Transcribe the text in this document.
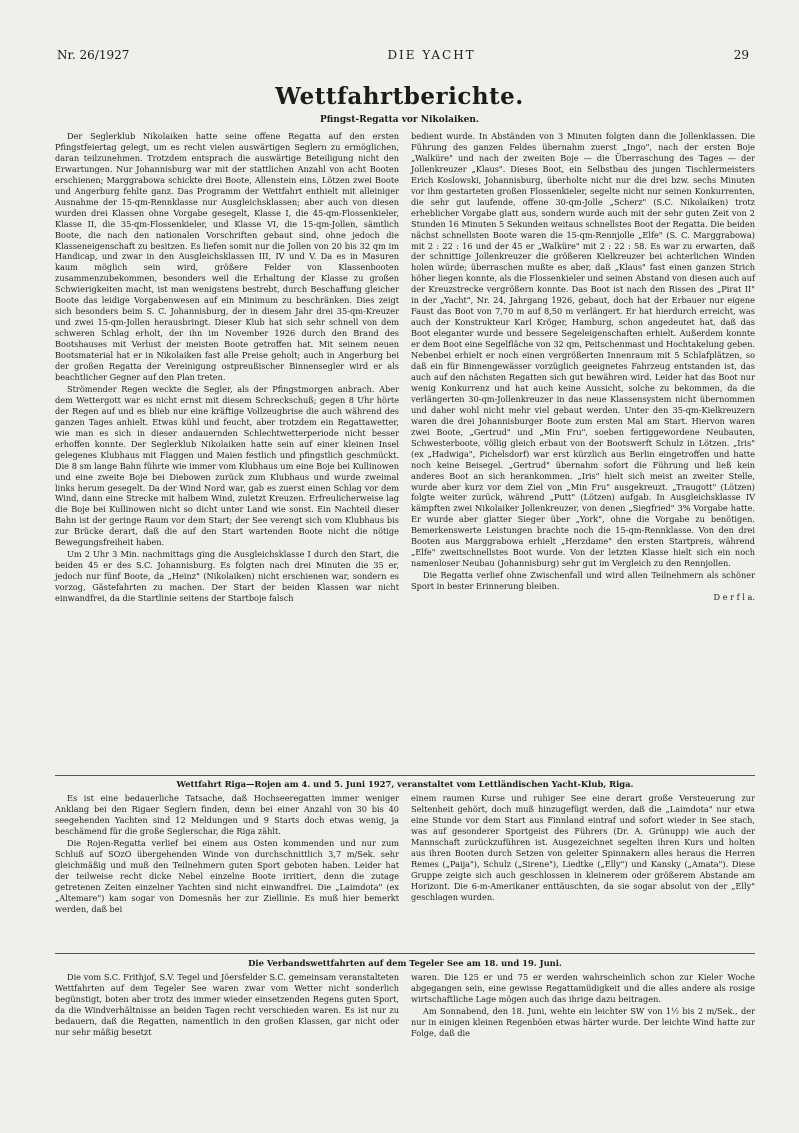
Nr. 26/1927	DIE YACHT	29
Wettfahrtberichte.
Pfingst-Regatta vor Nikolaiken.

Der Seglerklub Nikolaiken hatte seine offene Regatta auf den ersten Pfingstfeiertag gelegt, um es recht vielen auswärtigen Seglern zu ermöglichen, daran teilzunehmen. Trotzdem entsprach die auswärtige Beteiligung nicht den Erwartungen. Nur Johannisburg war mit der stattlichen Anzahl von acht Booten erschienen; Marggrabowa schickte drei Boote, Allenstein eins, Lötzen zwei Boote und Angerburg fehlte ganz. Das Programm der Wettfahrt enthielt mit alleiniger Ausnahme der 15-qm-Rennklasse nur Ausgleichsklassen; aber auch von diesen wurden drei Klassen ohne Vorgabe gesegelt, Klasse I, die 45-qm-Flossenkieler, Klasse II, die 35-qm-Flossenkieler, und Klasse VI, die 15-qm-Jollen, sämtlich Boote, die nach den nationalen Vorschriften gebaut sind, ohne jedoch die Klasseneigenschaft zu besitzen. Es liefen somit nur die Jollen von 20 bis 32 qm im Handicap, und zwar in den Ausgleichsklassen III, IV und V. Da es in Masuren kaum möglich sein wird, größere Felder von Klassenbooten zusammenzubekommen, besonders weil die Erhaltung der Klasse zu großen Schwierigkeiten macht, ist man wenigstens bestrebt, durch Beschaffung gleicher Boote das leidige Vorgabenwesen auf ein Minimum zu beschränken. Dies zeigt sich besonders beim S. C. Johannisburg, der in diesem Jahr drei 35-qm-Kreuzer und zwei 15-qm-Jollen herausbringt. Dieser Klub hat sich sehr schnell von dem schweren Schlag erholt, der ihn im November 1926 durch den Brand des Bootshauses mit Verlust der meisten Boote getroffen hat. Mit seinem neuen Bootsmaterial hat er in Nikolaiken fast alle Preise geholt; auch in Angerburg bei der großen Regatta der Vereinigung ostpreußischer Binnensegler wird er als beachtlicher Gegner auf den Plan treten.

Strömender Regen weckte die Segler, als der Pfingstmorgen anbrach. Aber dem Wettergott war es nicht ernst mit diesem Schreckschuß; gegen 8 Uhr hörte der Regen auf und es blieb nur eine kräftige Vollzeugbrise die auch während des ganzen Tages anhielt. Etwas kühl und feucht, aber trotzdem ein Regattawetter, wie man es sich in dieser andauernden Schlechtwetterperiode nicht besser erhoffen konnte. Der Seglerklub Nikolaiken hatte sein auf einer kleinen Insel gelegenes Klubhaus mit Flaggen und Maien festlich und pfingstlich geschmückt. Die 8 sm lange Bahn führte wie immer vom Klubhaus um eine Boje bei Kullinowen und eine zweite Boje bei Diebowen zurück zum Klubhaus und wurde zweimal links herum gesegelt. Da der Wind Nord war, gab es zuerst einen Schlag vor dem Wind, dann eine Strecke mit halbem Wind, zuletzt Kreuzen. Erfreulicherweise lag die Boje bei Kullinowen nicht so dicht unter Land wie sonst. Ein Nachteil dieser Bahn ist der geringe Raum vor dem Start; der See verengt sich vom Klubhaus bis zur Brücke derart, daß die auf den Start wartenden Boote nicht die nötige Bewegungsfreiheit haben.

Um 2 Uhr 3 Min. nachmittags ging die Ausgleichsklasse I durch den Start, die beiden 45 er des S.C. Johannisburg. Es folgten nach drei Minuten die 35 er, jedoch nur fünf Boote, da „Heinz" (Nikolaiken) nicht erschienen war, sondern es vorzog, Gästefahrten zu machen. Der Start der beiden Klassen war nicht einwandfrei, da die Startlinie seitens der Startboje falsch

bedient wurde. In Abständen von 3 Minuten folgten dann die Jollenklassen. Die Führung des ganzen Feldes übernahm zuerst „Ingo", nach der ersten Boje „Walküre" und nach der zweiten Boje — die Überraschung des Tages — der Jollenkreuzer „Klaus". Dieses Boot, ein Selbstbau des jungen Tischlermeisters Erich Koslowski, Johannisburg, überholte nicht nur die drei bzw. sechs Minuten vor ihm gestarteten großen Flossenkieler, segelte nicht nur seinen Konkurrenten, die sehr gut laufende, offene 30-qm-Jolle „Scherz" (S.C. Nikolaiken) trotz erheblicher Vorgabe glatt aus, sondern wurde auch mit der sehr guten Zeit von 2 Stunden 16 Minuten 5 Sekunden weitaus schnellstes Boot der Regatta. Die beiden nächst schnellsten Boote waren die 15-qm-Rennjolle „Elfe" (S. C. Marggrabowa) mit 2 : 22 : 16 und der 45 er „Walküre" mit 2 : 22 : 58. Es war zu erwarten, daß der schnittige Jollenkreuzer die größeren Kielkreuzer bei achterlichen Winden holen würde; überraschen mußte es aber, daß „Klaus" fast einen ganzen Strich höher liegen konnte, als die Flossenkieler und seinen Abstand von diesen auch auf der Kreuzstrecke vergrößern konnte. Das Boot ist nach den Rissen des „Pirat II" in der „Yacht", Nr. 24, Jahrgang 1926, gebaut, doch hat der Erbauer nur eigene Faust das Boot von 7,70 m auf 8,50 m verlängert. Er hat hierdurch erreicht, was auch der Konstrukteur Karl Kröger, Hamburg, schon angedeutet hat, daß das Boot eleganter wurde und bessere Segeleigenschaften erhielt. Außerdem konnte er dem Boot eine Segelfläche von 32 qm, Peitschenmast und Hochtakelung geben. Nebenbei erhielt er noch einen vergrößerten Innenraum mit 5 Schlafplätzen, so daß ein für Binnengewässer vorzüglich geeignetes Fahrzeug entstanden ist, das auch auf den nächsten Regatten sich gut bewähren wird. Leider hat das Boot nur wenig Konkurrenz und hat auch keine Aussicht, solche zu bekommen, da die verlängerten 30-qm-Jollenkreuzer in das neue Klassensystem nicht übernommen und daher wohl nicht mehr viel gebaut werden. Unter den 35-qm-Kielkreuzern waren die drei Johannisburger Boote zum ersten Mal am Start. Hiervon waren zwei Boote, „Gertrud" und „Min Fru", soeben fertiggewordene Neubauten, Schwesterboote, völlig gleich erbaut von der Bootswerft Schulz in Lötzen. „Iris" (ex „Hadwiga", Pichelsdorf) war erst kürzlich aus Berlin eingetroffen und hatte noch keine Beisegel. „Gertrud" übernahm sofort die Führung und ließ kein anderes Boot an sich herankommen. „Iris" hielt sich meist an zweiter Stelle, wurde aber kurz vor dem Ziel von „Min Fru" ausgekreuzt. „Traugott" (Lötzen) folgte weiter zurück, während „Putt" (Lötzen) aufgab. In Ausgleichsklasse IV kämpften zwei Nikolaiker Jollenkreuzer, von denen „Siegfried" 3% Vorgabe hatte. Er wurde aber glatter Sieger über „York", ohne die Vorgabe zu benötigen. Bemerkenswerte Leistungen brachte noch die 15-qm-Rennklasse. Von den drei Booten aus Marggrabowa erhielt „Herzdame" den ersten Startpreis, während „Elfe" zweitschnellstes Boot wurde. Von der letzten Klasse hielt sich ein noch namenloser Neubau (Johannisburg) sehr gut im Vergleich zu den Rennjollen.

Die Regatta verlief ohne Zwischenfall und wird allen Teilnehmern als schöner Sport in bester Erinnerung bleiben.

D e r f l a.
Wettfahrt Riga—Rojen am 4. und 5. Juni 1927, veranstaltet vom Lettländischen Yacht-Klub, Riga.

Es ist eine bedauerliche Tatsache, daß Hochseeregatten immer weniger Anklang bei den Rigaer Seglern finden, denn bei einer Anzahl von 30 bis 40 seegehenden Yachten sind 12 Meldungen und 9 Starts doch etwas wenig, ja beschämend für die große Seglerschar, die Riga zählt.

Die Rojen-Regatta verlief bei einem aus Osten kommenden und nur zum Schluß auf SOzO übergehenden Winde von durchschnittlich 3,7 m/Sek. sehr gleichmäßig und muß den Teilnehmern guten Sport geboten haben. Leider hat der teilweise recht dicke Nebel einzelne Boote irritiert, denn die zutage getretenen Zeiten einzelner Yachten sind nicht einwandfrei. Die „Laimdota" (ex „Altemare") kam sogar von Domesnäs her zur Ziellinie. Es muß hier bemerkt werden, daß bei

einem raumen Kurse und ruhiger See eine derart große Versteuerung zur Seltenheit gehört, doch muß hinzugefügt werden, daß die „Laimdota" nur etwa eine Stunde vor dem Start aus Finnland eintraf und sofort wieder in See stach, was auf gesonderer Sportgeist des Führers (Dr. A. Grünupp) wie auch der Mannschaft zurückzuführen ist. Ausgezeichnet segelten ihren Kurs und holten aus ihren Booten durch Setzen von geleiter Spinnakern alles heraus die Herren Remes („Paija"), Schulz („Sirene"), Liedtke („Elly") und Kansky („Amata"). Diese Gruppe zeigte sich auch geschlossen in kleinerem oder größerem Abstande am Horizont. Die 6-m-Amerikaner enttäuschten, da sie sogar absolut von der „Elly" geschlagen wurden.

Die Verbandswettfahrten auf dem Tegeler See am 18. und 19. Juni.

Die vom S.C. Frithjof, S.V. Tegel und Jöersfelder S.C. gemeinsam veranstalteten Wettfahrten auf dem Tegeler See waren zwar vom Wetter nicht sonderlich begünstigt, boten aber trotz des immer wieder einsetzenden Regens guten Sport, da die Windverhältnisse an beiden Tagen recht verschieden waren. Es ist nur zu bedauern, daß die Regatten, namentlich in den großen Klassen, gar nicht oder nur sehr mäßig besetzt

waren. Die 125 er und 75 er werden wahrscheinlich schon zur Kieler Woche abgegangen sein, eine gewisse Regattamüdigkeit und die alles andere als rosige wirtschaftliche Lage mögen auch das ihrige dazu beitragen.

Am Sonnabend, den 18. Juni, wehte ein leichter SW von 1½ bis 2 m/Sek., der nur in einigen kleinen Regenböen etwas härter wurde. Der leichte Wind hatte zur Folge, daß die
